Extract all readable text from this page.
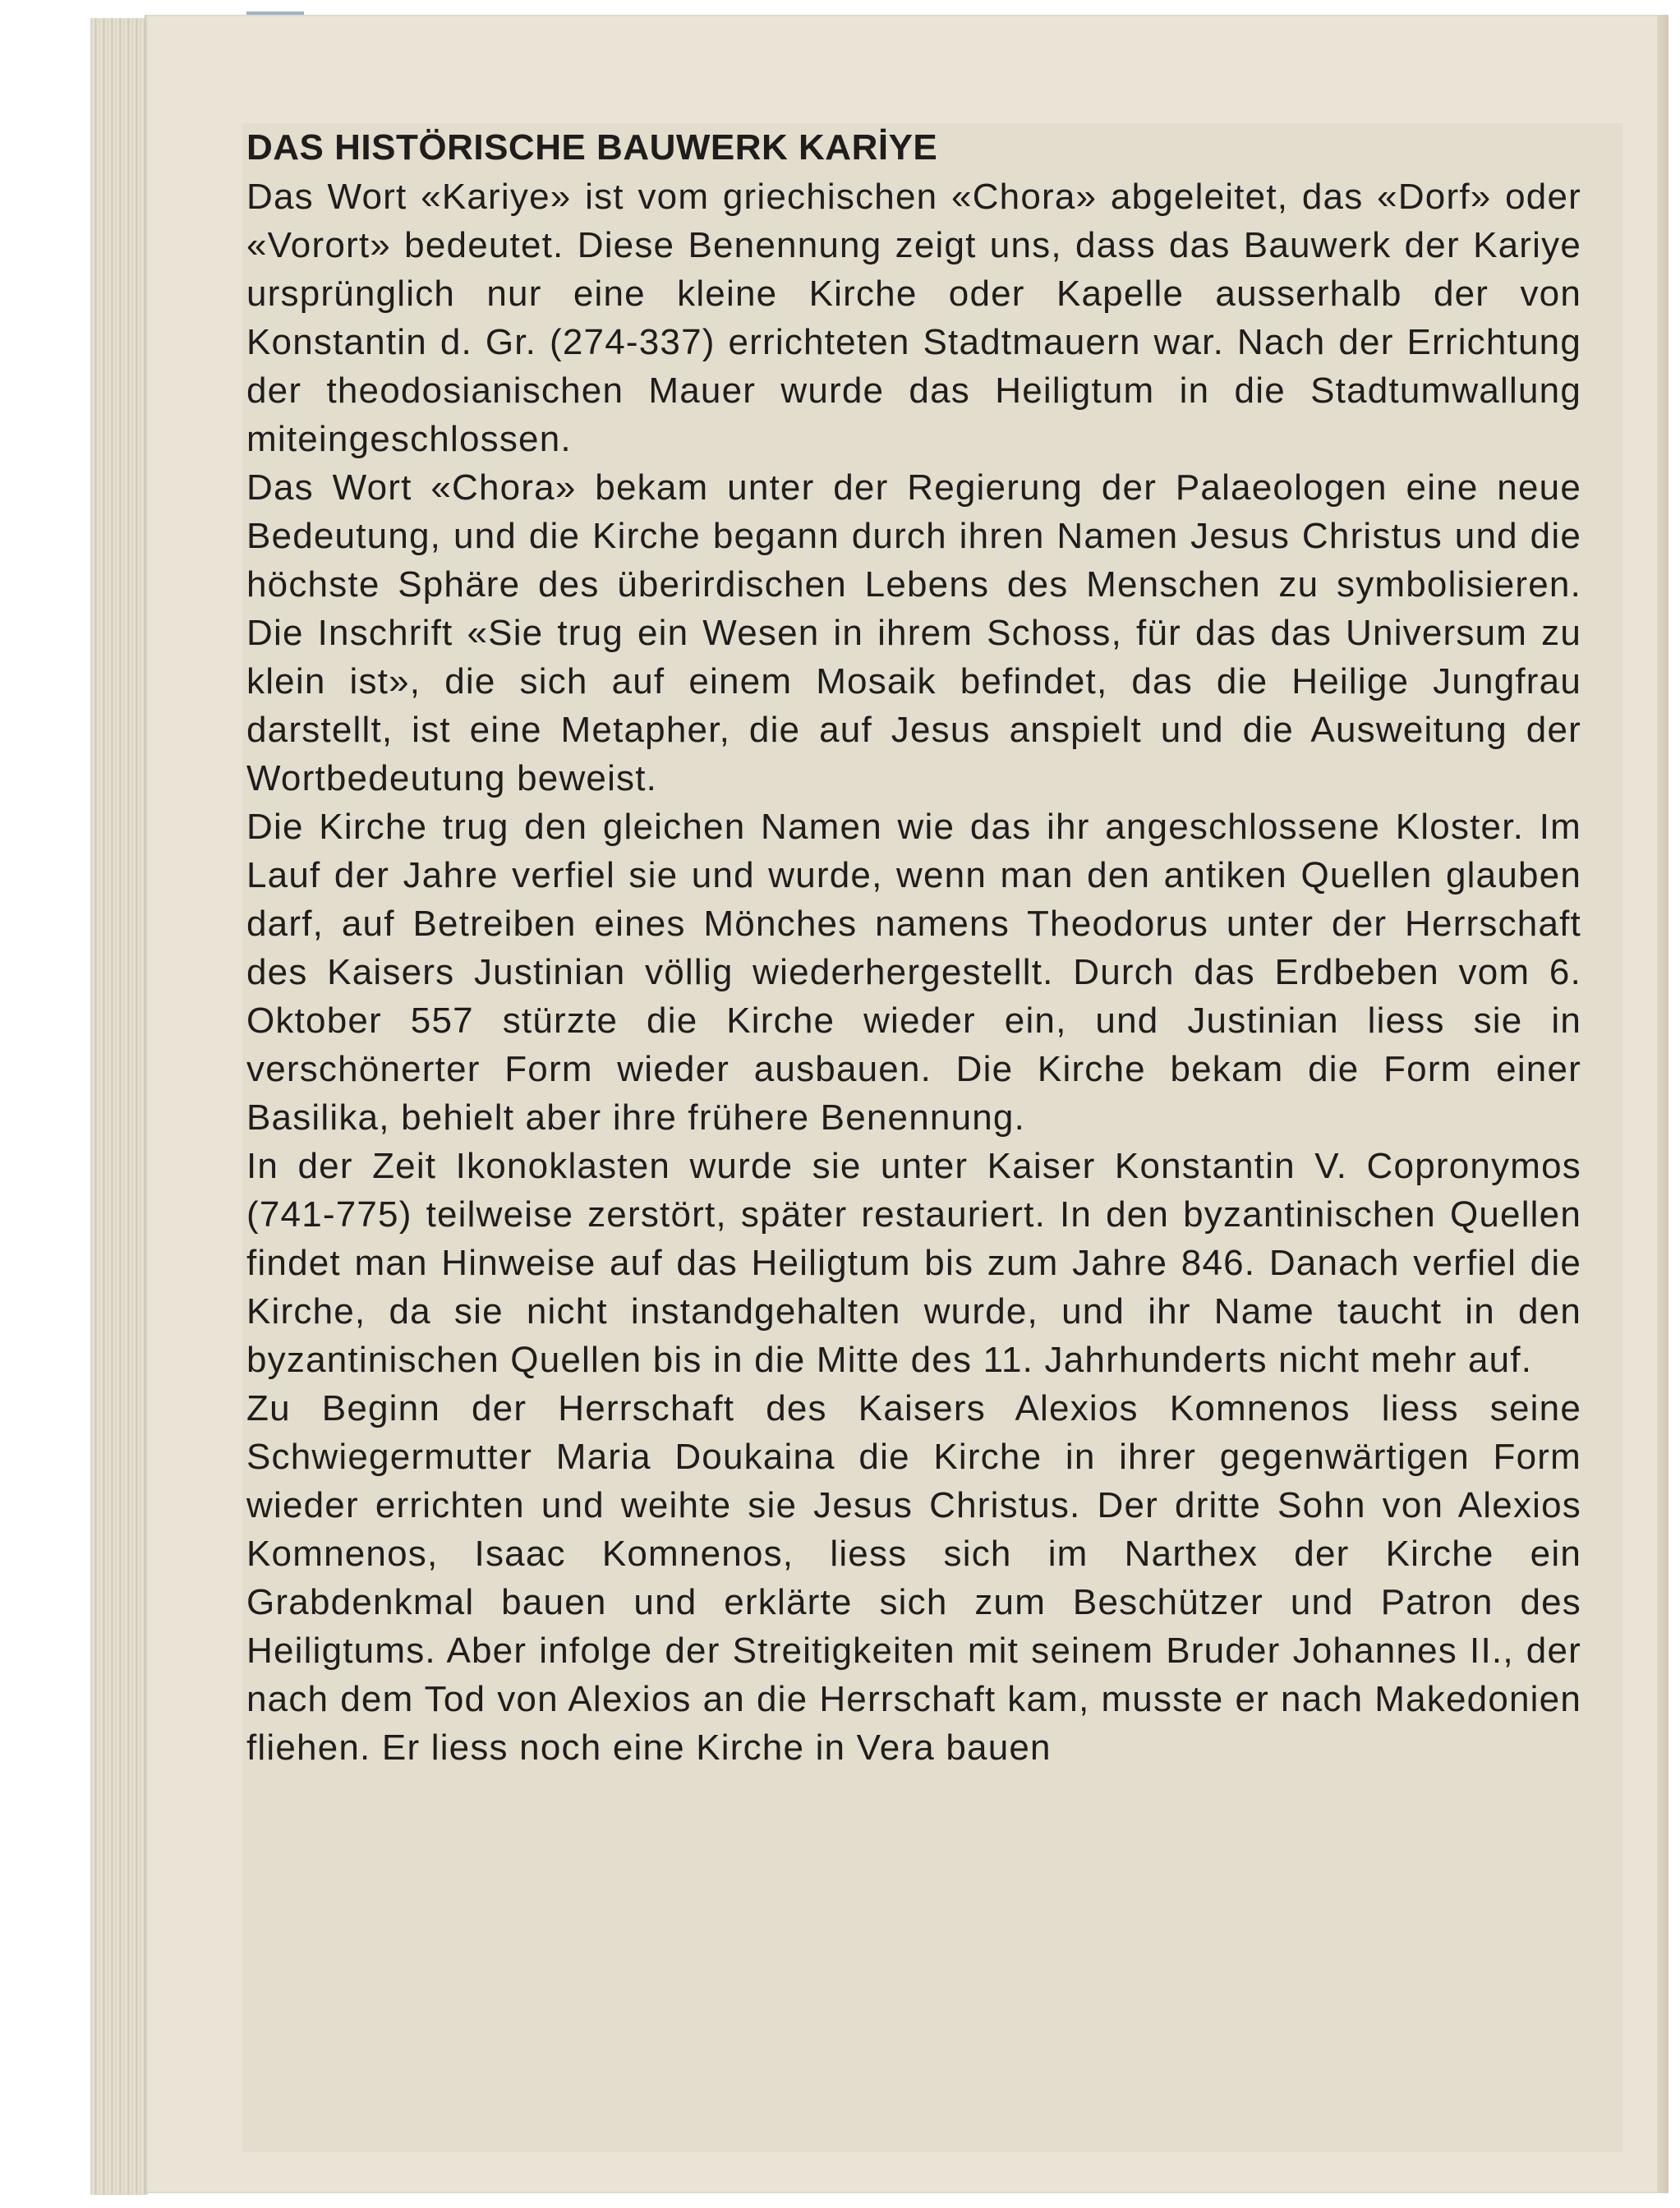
DAS HISTÖRISCHE BAUWERK KARİYE

Das Wort «Kariye» ist vom griechischen «Chora» abgeleitet, das «Dorf» oder «Vorort» bedeutet. Diese Benennung zeigt uns, dass das Bauwerk der Kariye ursprünglich nur eine kleine Kirche oder Kapelle ausserhalb der von Konstantin d. Gr. (274-337) errichteten Stadtmauern war. Nach der Errichtung der theodosianischen Mauer wurde das Heiligtum in die Stadtumwallung miteingeschlossen.

Das Wort «Chora» bekam unter der Regierung der Palaeologen eine neue Bedeutung, und die Kirche begann durch ihren Namen Jesus Christus und die höchste Sphäre des überirdischen Lebens des Menschen zu symbolisieren. Die Inschrift «Sie trug ein Wesen in ihrem Schoss, für das das Universum zu klein ist», die sich auf einem Mosaik befindet, das die Heilige Jungfrau darstellt, ist eine Metapher, die auf Jesus anspielt und die Ausweitung der Wortbedeutung beweist.

Die Kirche trug den gleichen Namen wie das ihr angeschlossene Kloster. Im Lauf der Jahre verfiel sie und wurde, wenn man den antiken Quellen glauben darf, auf Betreiben eines Mönches namens Theodorus unter der Herrschaft des Kaisers Justinian völlig wiederhergestellt. Durch das Erdbeben vom 6. Oktober 557 stürzte die Kirche wieder ein, und Justinian liess sie in verschönerter Form wieder ausbauen. Die Kirche bekam die Form einer Basilika, behielt aber ihre frühere Benennung.

In der Zeit Ikonoklasten wurde sie unter Kaiser Konstantin V. Copronymos (741-775) teilweise zerstört, später restauriert. In den byzantinischen Quellen findet man Hinweise auf das Heiligtum bis zum Jahre 846. Danach verfiel die Kirche, da sie nicht instandgehalten wurde, und ihr Name taucht in den byzantinischen Quellen bis in die Mitte des 11. Jahrhunderts nicht mehr auf.

Zu Beginn der Herrschaft des Kaisers Alexios Komnenos liess seine Schwiegermutter Maria Doukaina die Kirche in ihrer gegenwärtigen Form wieder errichten und weihte sie Jesus Christus. Der dritte Sohn von Alexios Komnenos, Isaac Komnenos, liess sich im Narthex der Kirche ein Grabdenkmal bauen und erklärte sich zum Beschützer und Patron des Heiligtums. Aber infolge der Streitigkeiten mit seinem Bruder Johannes II., der nach dem Tod von Alexios an die Herrschaft kam, musste er nach Makedonien fliehen. Er liess noch eine Kirche in Vera bauen
